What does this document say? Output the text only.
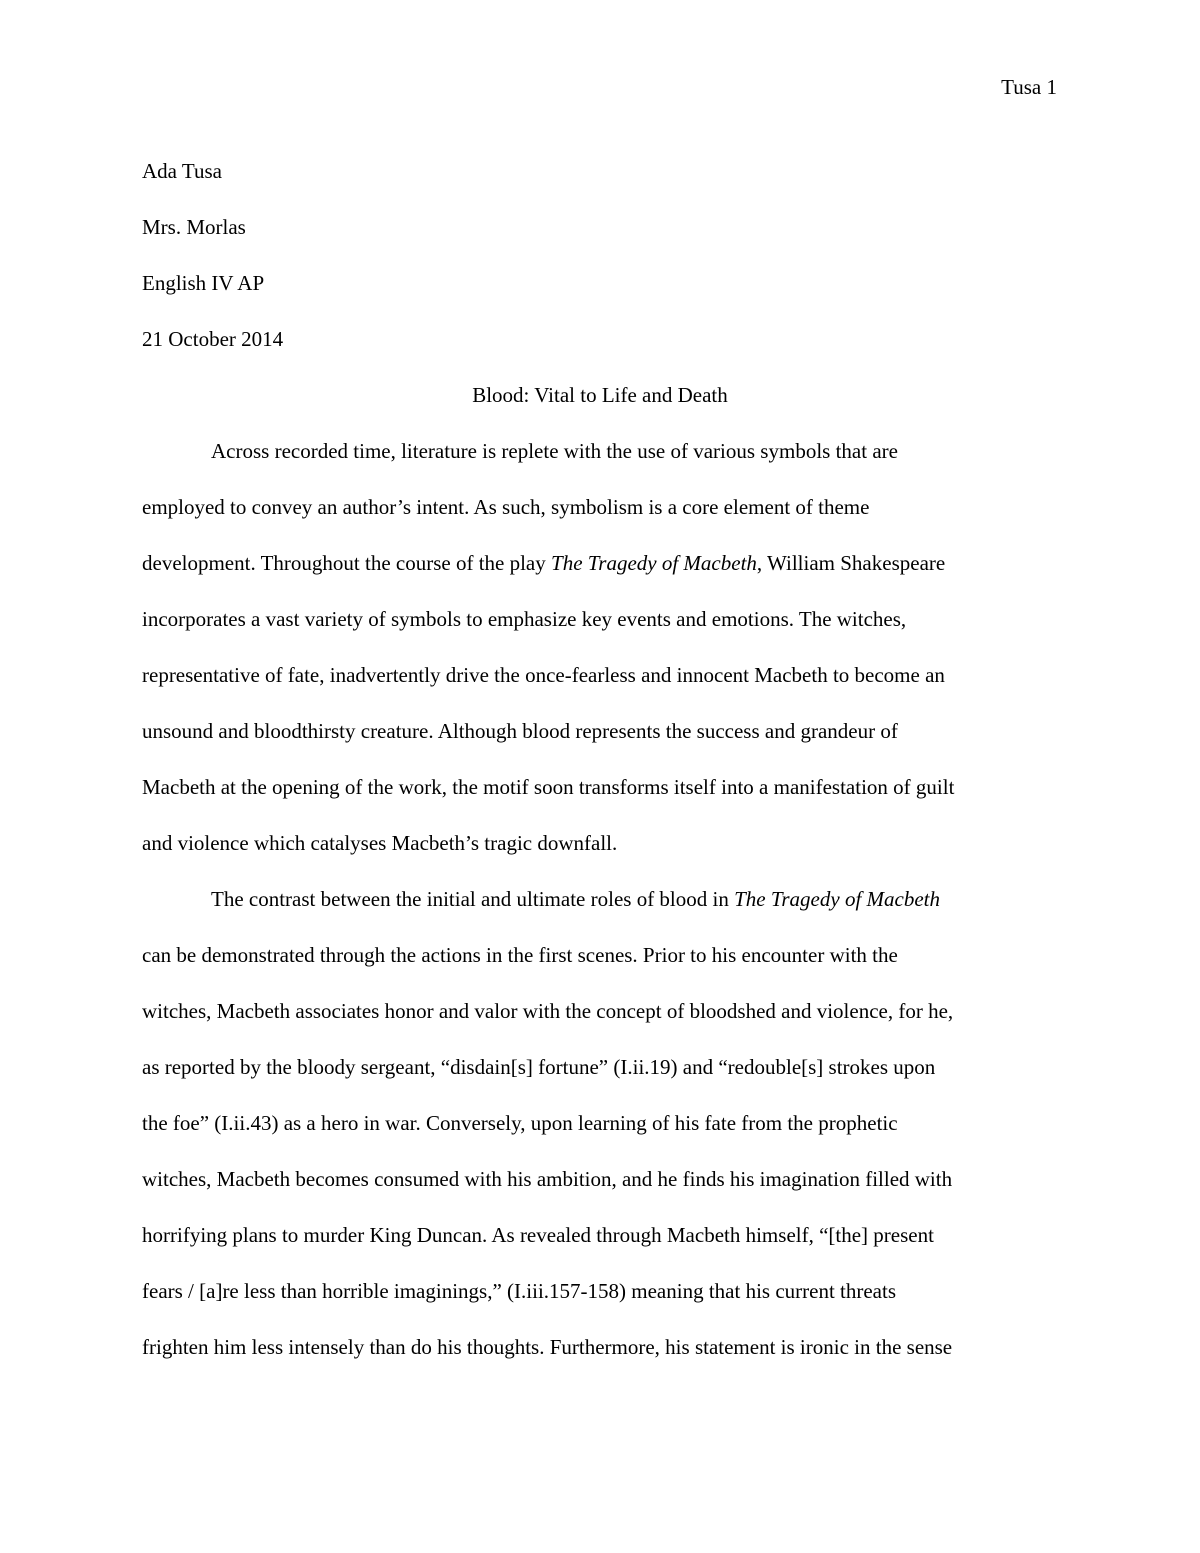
Tusa 1
Ada Tusa
Mrs. Morlas
English IV AP
21 October 2014
Blood: Vital to Life and Death
Across recorded time, literature is replete with the use of various symbols that are
employed to convey an author’s intent. As such, symbolism is a core element of theme
development. Throughout the course of the play The Tragedy of Macbeth, William Shakespeare
incorporates a vast variety of symbols to emphasize key events and emotions. The witches,
representative of fate, inadvertently drive the once-fearless and innocent Macbeth to become an
unsound and bloodthirsty creature. Although blood represents the success and grandeur of
Macbeth at the opening of the work, the motif soon transforms itself into a manifestation of guilt
and violence which catalyses Macbeth’s tragic downfall.
The contrast between the initial and ultimate roles of blood in The Tragedy of Macbeth
can be demonstrated through the actions in the first scenes. Prior to his encounter with the
witches, Macbeth associates honor and valor with the concept of bloodshed and violence, for he,
as reported by the bloody sergeant, “disdain[s] fortune” (I.ii.19) and “redouble[s] strokes upon
the foe” (I.ii.43) as a hero in war. Conversely, upon learning of his fate from the prophetic
witches, Macbeth becomes consumed with his ambition, and he finds his imagination filled with
horrifying plans to murder King Duncan. As revealed through Macbeth himself, “[the] present
fears / [a]re less than horrible imaginings,” (I.iii.157-158) meaning that his current threats
frighten him less intensely than do his thoughts. Furthermore, his statement is ironic in the sense
